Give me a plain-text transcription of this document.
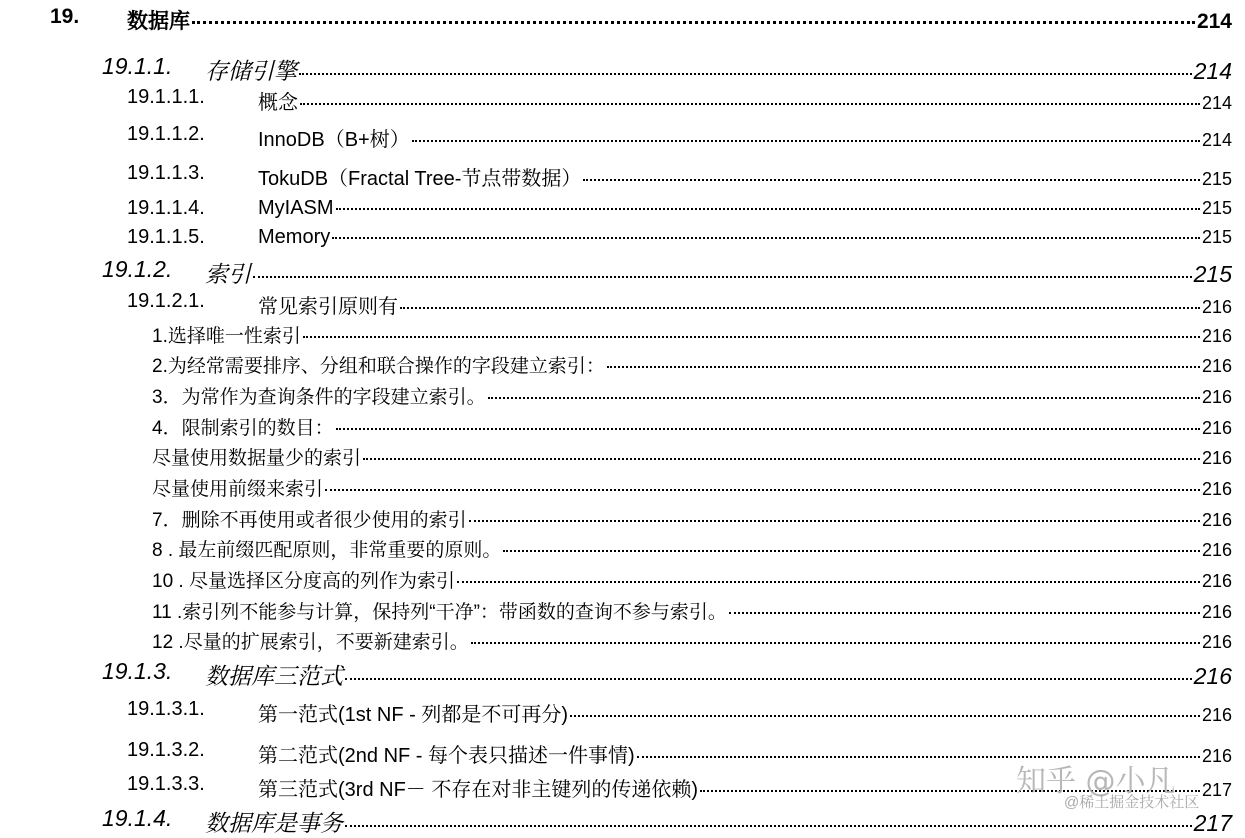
19. 数据库	214
19.1.1. 存储引擎	214
19.1.1.1.	概念	214
19.1.1.2.	InnoDB（B+树）	214
19.1.1.3.	TokuDB（Fractal Tree-节点带数据）	215
19.1.1.4.	MyIASM	215
19.1.1.5.	Memory	215
19.1.2. 索引	215
19.1.2.1.	常见索引原则有	216
1.选择唯一性索引	216
2.为经常需要排序、分组和联合操作的字段建立索引：	216
3．为常作为查询条件的字段建立索引。	216
4．限制索引的数目：	216
尽量使用数据量少的索引	216
尽量使用前缀来索引	216
7．删除不再使用或者很少使用的索引	216
8 . 最左前缀匹配原则，非常重要的原则。	216
10 . 尽量选择区分度高的列作为索引	216
11 .索引列不能参与计算，保持列“干净”：带函数的查询不参与索引。	216
12 .尽量的扩展索引，不要新建索引。	216
19.1.3. 数据库三范式	216
19.1.3.1.	第一范式(1st NF - 列都是不可再分)	216
19.1.3.2.	第二范式(2nd NF - 每个表只描述一件事情)	216
19.1.3.3.	第三范式(3rd NF－ 不存在对非主键列的传递依赖)	217
19.1.4. 数据库是事务	217
知乎 @小凡
@稀土掘金技术社区
